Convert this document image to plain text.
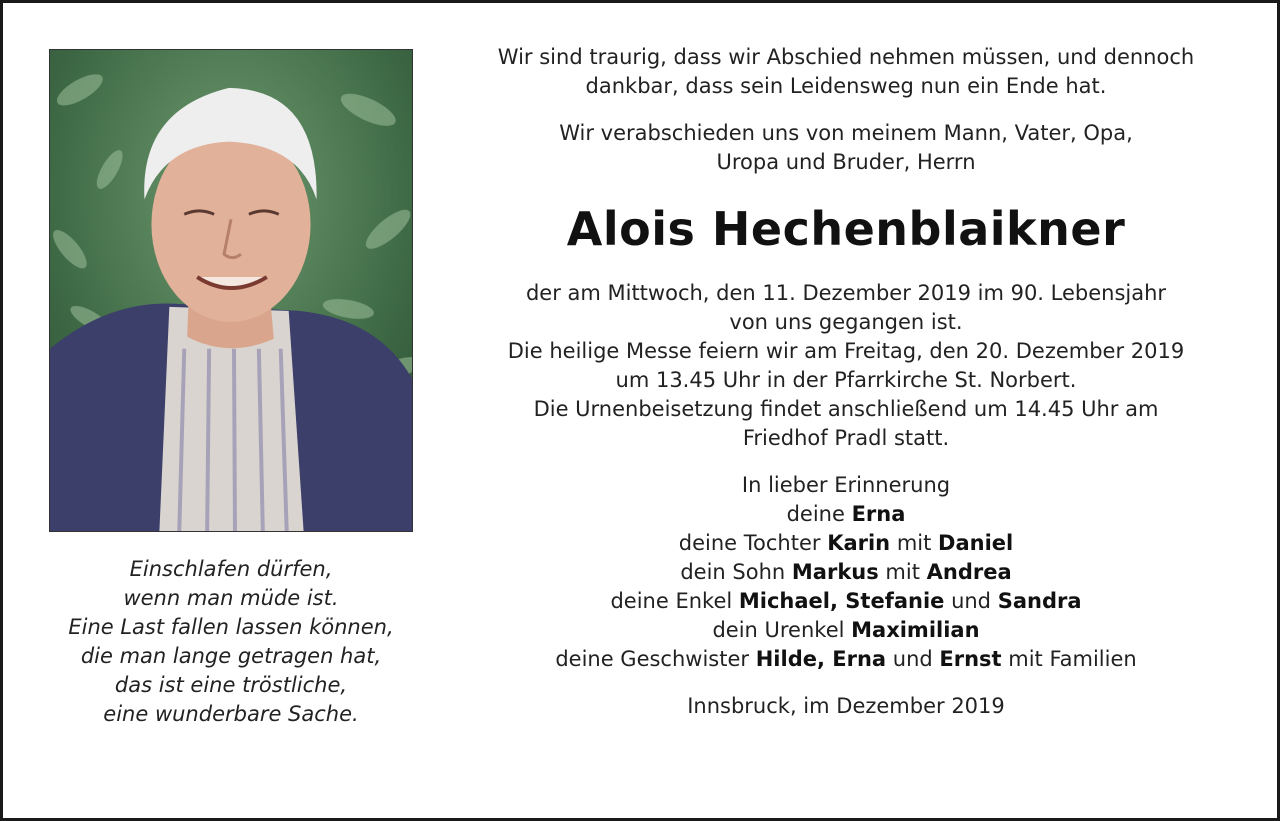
Einschlafen dürfen,
wenn man müde ist.
Eine Last fallen lassen können,
die man lange getragen hat,
das ist eine tröstliche,
eine wunderbare Sache.
Wir sind traurig, dass wir Abschied nehmen müssen, und dennoch
dankbar, dass sein Leidensweg nun ein Ende hat.
Wir verabschieden uns von meinem Mann, Vater, Opa,
Uropa und Bruder, Herrn
Alois Hechenblaikner
der am Mittwoch, den 11. Dezember 2019 im 90. Lebensjahr
von uns gegangen ist.
Die heilige Messe feiern wir am Freitag, den 20. Dezember 2019
um 13.45 Uhr in der Pfarrkirche St. Norbert.
Die Urnenbeisetzung findet anschließend um 14.45 Uhr am
Friedhof Pradl statt.
In lieber Erinnerung
deine Erna
deine Tochter Karin mit Daniel
dein Sohn Markus mit Andrea
deine Enkel Michael, Stefanie und Sandra
dein Urenkel Maximilian
deine Geschwister Hilde, Erna und Ernst mit Familien
Innsbruck, im Dezember 2019
